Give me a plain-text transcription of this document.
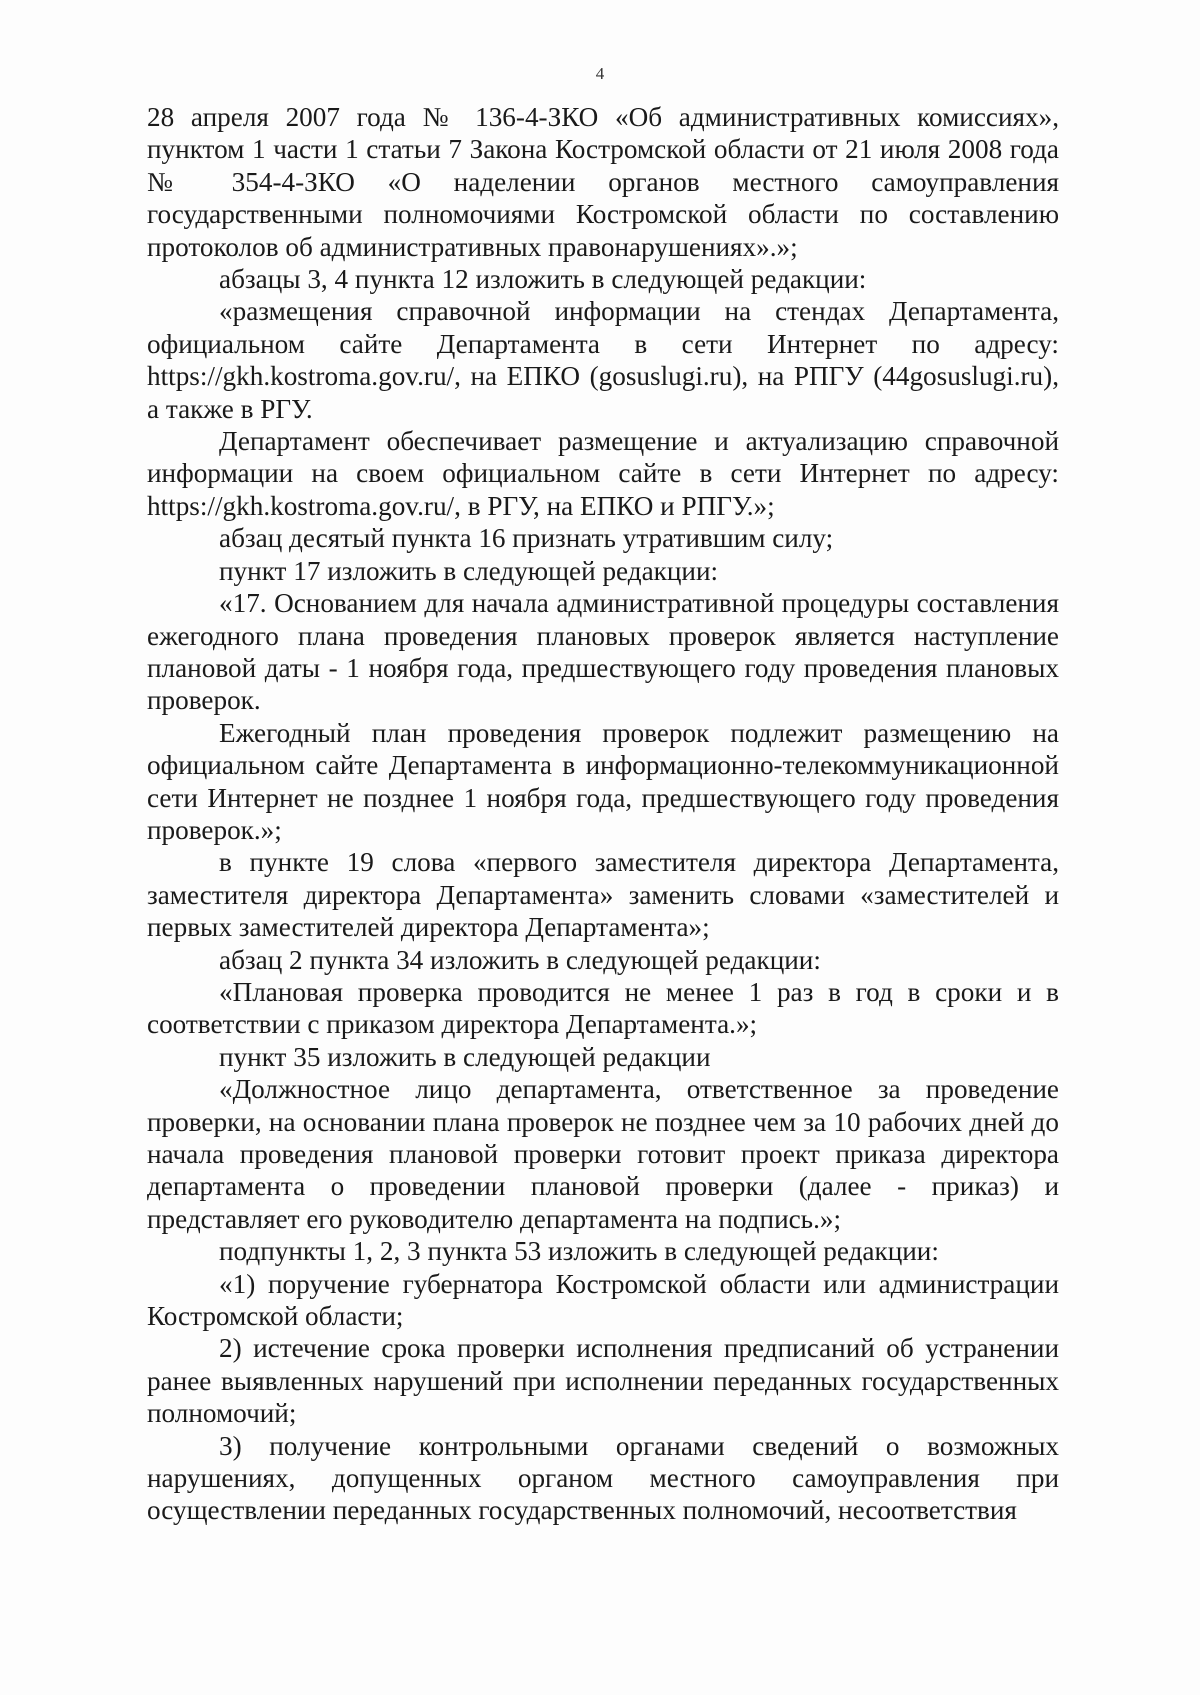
4

28 апреля 2007 года № 136-4-ЗКО «Об административных комиссиях», пунктом 1 части 1 статьи 7 Закона Костромской области от 21 июля 2008 года № 354-4-ЗКО «О наделении органов местного самоуправления государственными полномочиями Костромской области по составлению протоколов об административных правонарушениях».»;

абзацы 3, 4 пункта 12 изложить в следующей редакции:

«размещения справочной информации на стендах Департамента, официальном сайте Департамента в сети Интернет по адресу: https://gkh.kostroma.gov.ru/, на ЕПКО (gosuslugi.ru), на РПГУ (44gosuslugi.ru), а также в РГУ.

Департамент обеспечивает размещение и актуализацию справочной информации на своем официальном сайте в сети Интернет по адресу: https://gkh.kostroma.gov.ru/, в РГУ, на ЕПКО и РПГУ.»;

абзац десятый пункта 16 признать утратившим силу;

пункт 17 изложить в следующей редакции:

«17. Основанием для начала административной процедуры составления ежегодного плана проведения плановых проверок является наступление плановой даты - 1 ноября года, предшествующего году проведения плановых проверок.

Ежегодный план проведения проверок подлежит размещению на официальном сайте Департамента в информационно-телекоммуникационной сети Интернет не позднее 1 ноября года, предшествующего году проведения проверок.»;

в пункте 19 слова «первого заместителя директора Департамента, заместителя директора Департамента» заменить словами «заместителей и первых заместителей директора Департамента»;

абзац 2 пункта 34 изложить в следующей редакции:

«Плановая проверка проводится не менее 1 раз в год в сроки и в соответствии с приказом директора Департамента.»;

пункт 35 изложить в следующей редакции

«Должностное лицо департамента, ответственное за проведение проверки, на основании плана проверок не позднее чем за 10 рабочих дней до начала проведения плановой проверки готовит проект приказа директора департамента о проведении плановой проверки (далее - приказ) и представляет его руководителю департамента на подпись.»;

подпункты 1, 2, 3 пункта 53 изложить в следующей редакции:

«1) поручение губернатора Костромской области или администрации Костромской области;

2) истечение срока проверки исполнения предписаний об устранении ранее выявленных нарушений при исполнении переданных государственных полномочий;

3) получение контрольными органами сведений о возможных нарушениях, допущенных органом местного самоуправления при осуществлении переданных государственных полномочий, несоответствия
